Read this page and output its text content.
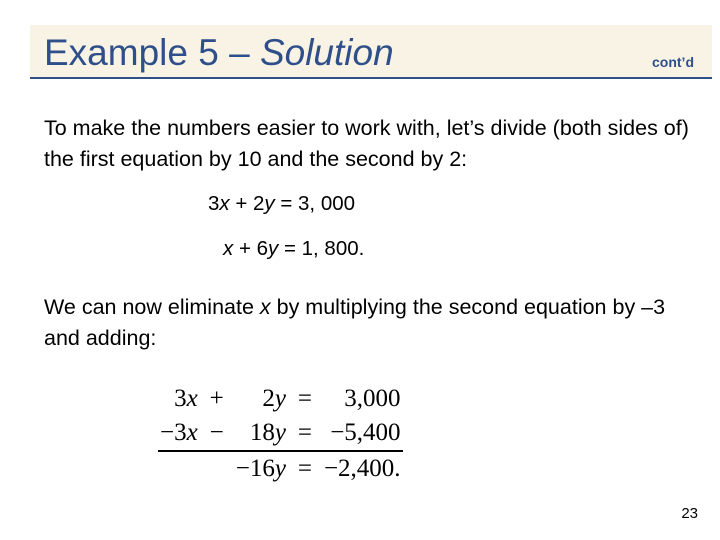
Example 5 – Solution	cont’d
To make the numbers easier to work with, let’s divide (both sides of) the first equation by 10 and the second by 2:
3x + 2y = 3, 000
x + 6y = 1, 800.
We can now eliminate x by multiplying the second equation by –3 and adding:
3x	+	2y	=	3,000
−3x	−	18y	=	−5,400
		−16y	=	−2,400.
23
